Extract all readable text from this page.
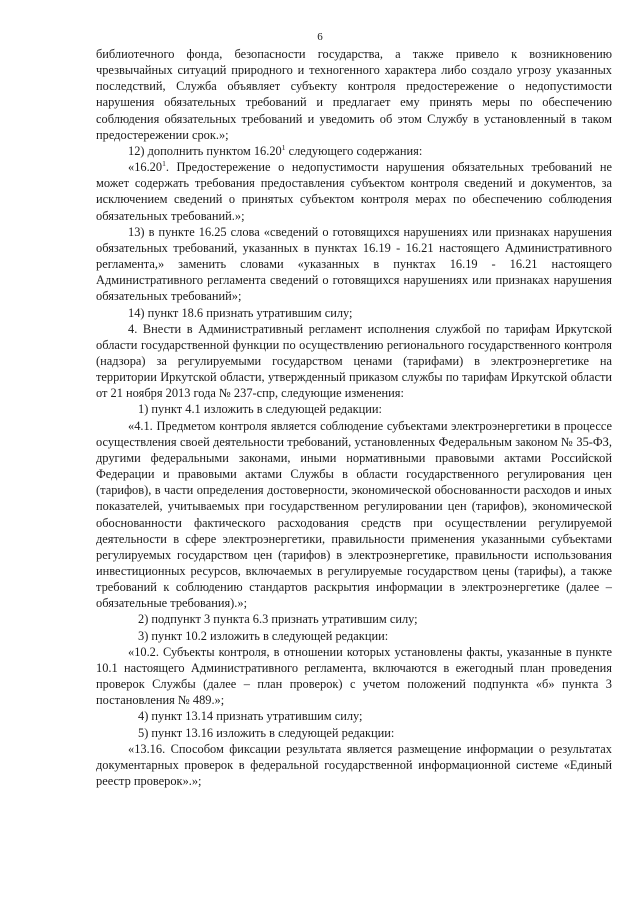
6

библиотечного фонда, безопасности государства, а также привело к возникновению чрезвычайных ситуаций природного и техногенного характера либо создало угрозу указанных последствий, Служба объявляет субъекту контроля предостережение о недопустимости нарушения обязательных требований и предлагает ему принять меры по обеспечению соблюдения обязательных требований и уведомить об этом Службу в установленный в таком предостережении срок.»;

12) дополнить пунктом 16.20$^1$ следующего содержания:

«16.20$^1$. Предостережение о недопустимости нарушения обязательных требований не может содержать требования предоставления субъектом контроля сведений и документов, за исключением сведений о принятых субъектом контроля мерах по обеспечению соблюдения обязательных требований.»;

13) в пункте 16.25 слова «сведений о готовящихся нарушениях или признаках нарушения обязательных требований, указанных в пунктах 16.19 - 16.21 настоящего Административного регламента,» заменить словами «указанных в пунктах 16.19 - 16.21 настоящего Административного регламента сведений о готовящихся нарушениях или признаках нарушения обязательных требований»;

14) пункт 18.6 признать утратившим силу;

4. Внести в Административный регламент исполнения службой по тарифам Иркутской области государственной функции по осуществлению регионального государственного контроля (надзора) за регулируемыми государством ценами (тарифами) в электроэнергетике на территории Иркутской области, утвержденный приказом службы по тарифам Иркутской области от 21 ноября 2013 года № 237-спр, следующие изменения:

1) пункт 4.1 изложить в следующей редакции:

«4.1. Предметом контроля является соблюдение субъектами электроэнергетики в процессе осуществления своей деятельности требований, установленных Федеральным законом № 35-ФЗ, другими федеральными законами, иными нормативными правовыми актами Российской Федерации и правовыми актами Службы в области государственного регулирования цен (тарифов), в части определения достоверности, экономической обоснованности расходов и иных показателей, учитываемых при государственном регулировании цен (тарифов), экономической обоснованности фактического расходования средств при осуществлении регулируемой деятельности в сфере электроэнергетики, правильности применения указанными субъектами регулируемых государством цен (тарифов) в электроэнергетике, правильности использования инвестиционных ресурсов, включаемых в регулируемые государством цены (тарифы), а также требований к соблюдению стандартов раскрытия информации в электроэнергетике (далее – обязательные требования).»;

2) подпункт 3 пункта 6.3 признать утратившим силу;

3) пункт 10.2 изложить в следующей редакции:

«10.2. Субъекты контроля, в отношении которых установлены факты, указанные в пункте 10.1 настоящего Административного регламента, включаются в ежегодный план проведения проверок Службы (далее – план проверок) с учетом положений подпункта «б» пункта 3 постановления № 489.»;

4) пункт 13.14 признать утратившим силу;

5) пункт 13.16 изложить в следующей редакции:

«13.16. Способом фиксации результата является размещение информации о результатах документарных проверок в федеральной государственной информационной системе «Единый реестр проверок».»;
